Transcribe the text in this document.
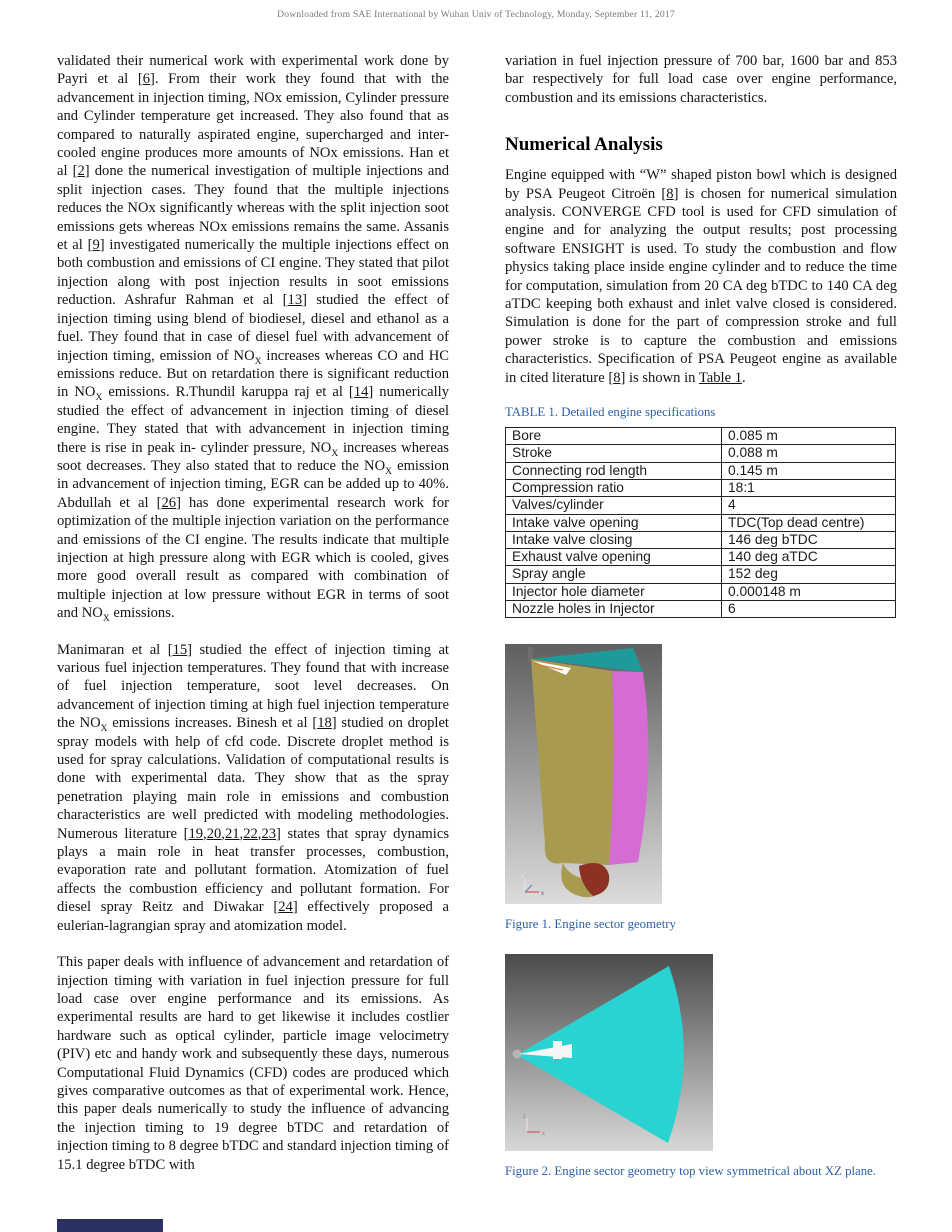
Downloaded from SAE International by Wuhan Univ of Technology, Monday, September 11, 2017

validated their numerical work with experimental work done by Payri et al [6]. From their work they found that with the advancement in injection timing, NOx emission, Cylinder pressure and Cylinder temperature get increased. They also found that as compared to naturally aspirated engine, supercharged and inter-cooled engine produces more amounts of NOx emissions. Han et al [2] done the numerical investigation of multiple injections and split injection cases. They found that the multiple injections reduces the NOx significantly whereas with the split injection soot emissions gets whereas NOx emissions remains the same. Assanis et al [9] investigated numerically the multiple injections effect on both combustion and emissions of CI engine. They stated that pilot injection along with post injection results in soot emissions reduction. Ashrafur Rahman et al [13] studied the effect of injection timing using blend of biodiesel, diesel and ethanol as a fuel. They found that in case of diesel fuel with advancement of injection timing, emission of $NO_X$ increases whereas CO and HC emissions reduce. But on retardation there is significant reduction in $NO_X$ emissions. R.Thundil karuppa raj et al [14] numerically studied the effect of advancement in injection timing of diesel engine. They stated that with advancement in injection timing there is rise in peak in- cylinder pressure, $NO_X$ increases whereas soot decreases. They also stated that to reduce the $NO_X$ emission in advancement of injection timing, EGR can be added up to 40%. Abdullah et al [26] has done experimental research work for optimization of the multiple injection variation on the performance and emissions of the CI engine. The results indicate that multiple injection at high pressure along with EGR which is cooled, gives more good overall result as compared with combination of multiple injection at low pressure without EGR in terms of soot and $NO_X$ emissions.

Manimaran et al [15] studied the effect of injection timing at various fuel injection temperatures. They found that with increase of fuel injection temperature, soot level decreases. On advancement of injection timing at high fuel injection temperature the $NO_X$ emissions increases. Binesh et al [18] studied on droplet spray models with help of cfd code. Discrete droplet method is used for spray calculations. Validation of computational results is done with experimental data. They show that as the spray penetration playing main role in emissions and combustion characteristics are well predicted with modeling methodologies. Numerous literature [19,20,21,22,23] states that spray dynamics plays a main role in heat transfer processes, combustion, evaporation rate and pollutant formation. Atomization of fuel affects the combustion efficiency and pollutant formation. For diesel spray Reitz and Diwakar [24] effectively proposed a eulerian-lagrangian spray and atomization model.

This paper deals with influence of advancement and retardation of injection timing with variation in fuel injection pressure for full load case over engine performance and its emissions. As experimental results are hard to get likewise it includes costlier hardware such as optical cylinder, particle image velocimetry (PIV) etc and handy work and subsequently these days, numerous Computational Fluid Dynamics (CFD) codes are produced which gives comparative outcomes as that of experimental work. Hence, this paper deals numerically to study the influence of advancing the injection timing to 19 degree bTDC and retardation of injection timing to 8 degree bTDC and standard injection timing of 15.1 degree bTDC with

variation in fuel injection pressure of 700 bar, 1600 bar and 853 bar respectively for full load case over engine performance, combustion and its emissions characteristics.

Numerical Analysis

Engine equipped with “W” shaped piston bowl which is designed by PSA Peugeot Citroën [8] is chosen for numerical simulation analysis. CONVERGE CFD tool is used for CFD simulation of engine and for analyzing the output results; post processing software ENSIGHT is used. To study the combustion and flow physics taking place inside engine cylinder and to reduce the time for computation, simulation from 20 CA deg bTDC to 140 CA deg aTDC keeping both exhaust and inlet valve closed is considered. Simulation is done for the part of compression stroke and full power stroke is to capture the combustion and emissions characteristics. Specification of PSA Peugeot engine as available in cited literature [8] is shown in Table 1.

TABLE 1. Detailed engine specifications
Bore	0.085 m
Stroke	0.088 m
Connecting rod length	0.145 m
Compression ratio	18:1
Valves/cylinder	4
Intake valve opening	TDC(Top dead centre)
Intake valve closing	146 deg bTDC
Exhaust valve opening	140 deg aTDC
Spray angle	152 deg
Injector hole diameter	0.000148 m
Nozzle holes in Injector	6
z
y
x
Figure 1. Engine sector geometry
z
x
Figure 2. Engine sector geometry top view symmetrical about XZ plane.
